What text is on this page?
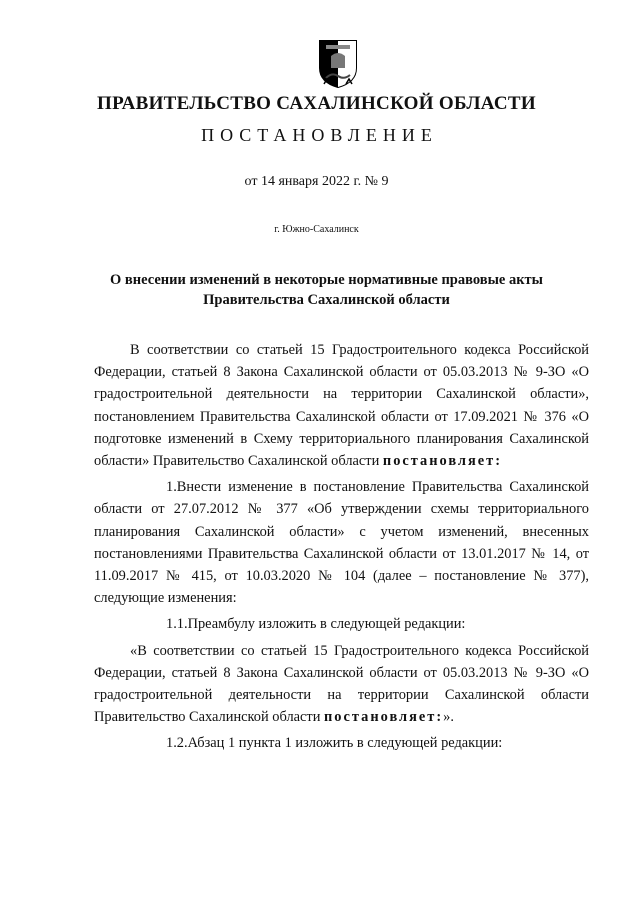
ПРАВИТЕЛЬСТВО САХАЛИНСКОЙ ОБЛАСТИ
ПОСТАНОВЛЕНИЕ
от 14 января 2022 г. № 9
г. Южно-Сахалинск
О внесении изменений в некоторые нормативные правовые акты
Правительства Сахалинской области

В соответствии со статьей 15 Градостроительного кодекса Российской Федерации, статьей 8 Закона Сахалинской области от 05.03.2013 № 9-ЗО «О градостроительной деятельности на территории Сахалинской области», постановлением Правительства Сахалинской области от 17.09.2021 № 376 «О подготовке изменений в Схему территориального планирования Сахалинской области» Правительство Сахалинской области постановляет:

1.Внести изменение в постановление Правительства Сахалинской области от 27.07.2012 № 377 «Об утверждении схемы территориального планирования Сахалинской области» с учетом изменений, внесенных постановлениями Правительства Сахалинской области от 13.01.2017 № 14, от 11.09.2017 № 415, от 10.03.2020 № 104 (далее – постановление № 377), следующие изменения:

1.1.Преамбулу изложить в следующей редакции:

«В соответствии со статьей 15 Градостроительного кодекса Российской Федерации, статьей 8 Закона Сахалинской области от 05.03.2013 № 9-ЗО «О градостроительной деятельности на территории Сахалинской области Правительство Сахалинской области постановляет:».

1.2.Абзац 1 пункта 1 изложить в следующей редакции:
